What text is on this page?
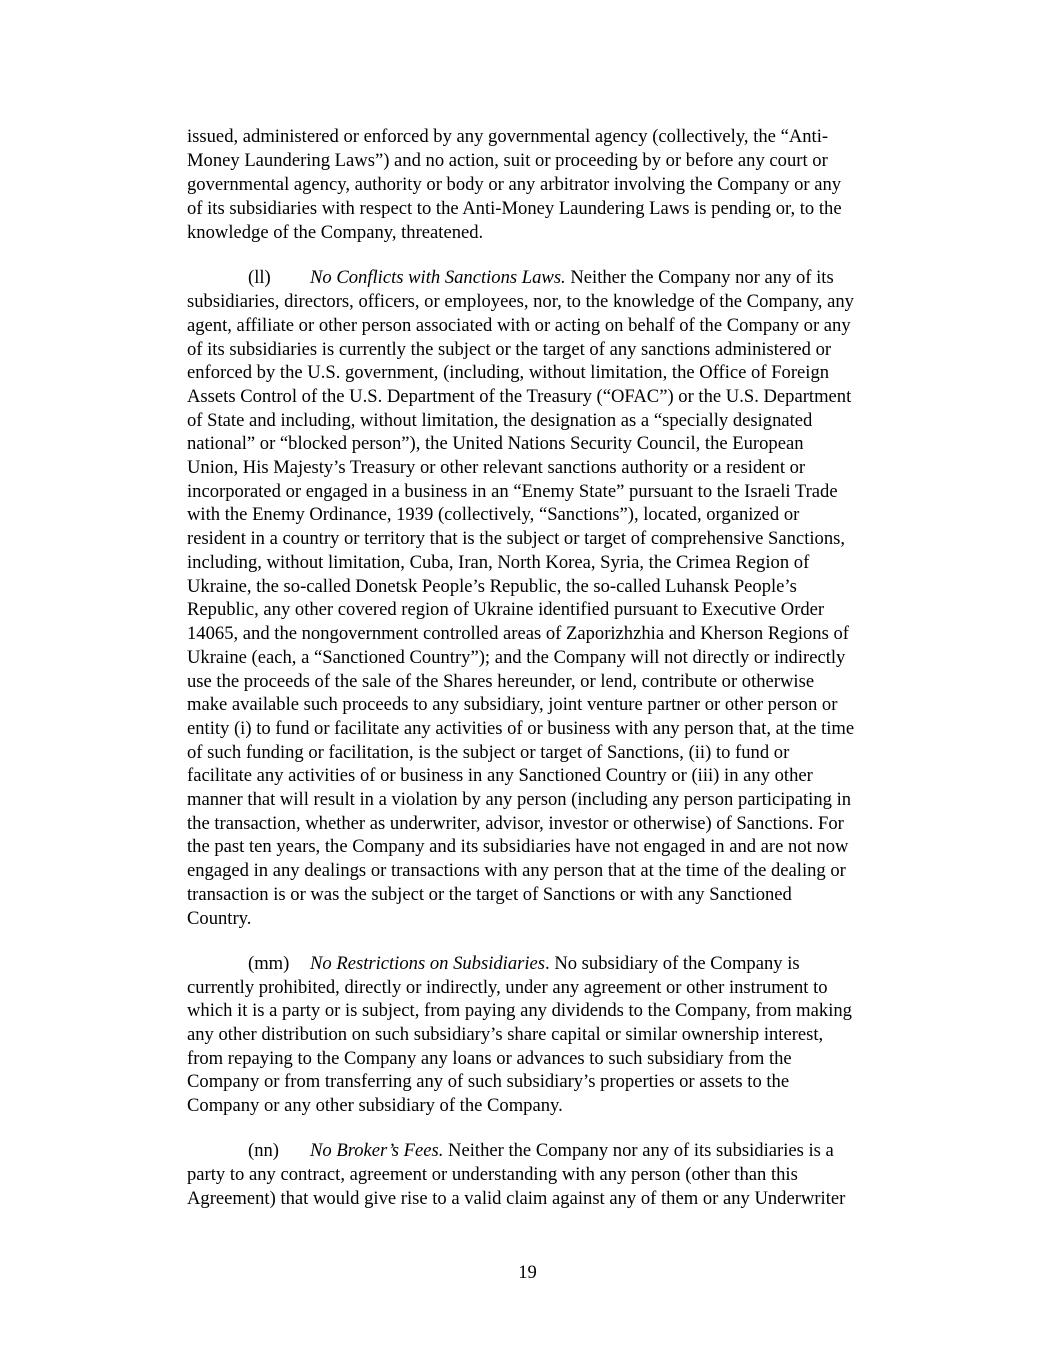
issued, administered or enforced by any governmental agency (collectively, the “Anti-
Money Laundering Laws”) and no action, suit or proceeding by or before any court or
governmental agency, authority or body or any arbitrator involving the Company or any
of its subsidiaries with respect to the Anti-Money Laundering Laws is pending or, to the
knowledge of the Company, threatened.
(ll) No Conflicts with Sanctions Laws. Neither the Company nor any of its
subsidiaries, directors, officers, or employees, nor, to the knowledge of the Company, any
agent, affiliate or other person associated with or acting on behalf of the Company or any
of its subsidiaries is currently the subject or the target of any sanctions administered or
enforced by the U.S. government, (including, without limitation, the Office of Foreign
Assets Control of the U.S. Department of the Treasury (“OFAC”) or the U.S. Department
of State and including, without limitation, the designation as a “specially designated
national” or “blocked person”), the United Nations Security Council, the European
Union, His Majesty’s Treasury or other relevant sanctions authority or a resident or
incorporated or engaged in a business in an “Enemy State” pursuant to the Israeli Trade
with the Enemy Ordinance, 1939 (collectively, “Sanctions”), located, organized or
resident in a country or territory that is the subject or target of comprehensive Sanctions,
including, without limitation, Cuba, Iran, North Korea, Syria, the Crimea Region of
Ukraine, the so-called Donetsk People’s Republic, the so-called Luhansk People’s
Republic, any other covered region of Ukraine identified pursuant to Executive Order
14065, and the nongovernment controlled areas of Zaporizhzhia and Kherson Regions of
Ukraine (each, a “Sanctioned Country”); and the Company will not directly or indirectly
use the proceeds of the sale of the Shares hereunder, or lend, contribute or otherwise
make available such proceeds to any subsidiary, joint venture partner or other person or
entity (i) to fund or facilitate any activities of or business with any person that, at the time
of such funding or facilitation, is the subject or target of Sanctions, (ii) to fund or
facilitate any activities of or business in any Sanctioned Country or (iii) in any other
manner that will result in a violation by any person (including any person participating in
the transaction, whether as underwriter, advisor, investor or otherwise) of Sanctions. For
the past ten years, the Company and its subsidiaries have not engaged in and are not now
engaged in any dealings or transactions with any person that at the time of the dealing or
transaction is or was the subject or the target of Sanctions or with any Sanctioned
Country.
(mm) No Restrictions on Subsidiaries. No subsidiary of the Company is
currently prohibited, directly or indirectly, under any agreement or other instrument to
which it is a party or is subject, from paying any dividends to the Company, from making
any other distribution on such subsidiary’s share capital or similar ownership interest,
from repaying to the Company any loans or advances to such subsidiary from the
Company or from transferring any of such subsidiary’s properties or assets to the
Company or any other subsidiary of the Company.
(nn) No Broker’s Fees. Neither the Company nor any of its subsidiaries is a
party to any contract, agreement or understanding with any person (other than this
Agreement) that would give rise to a valid claim against any of them or any Underwriter
19
